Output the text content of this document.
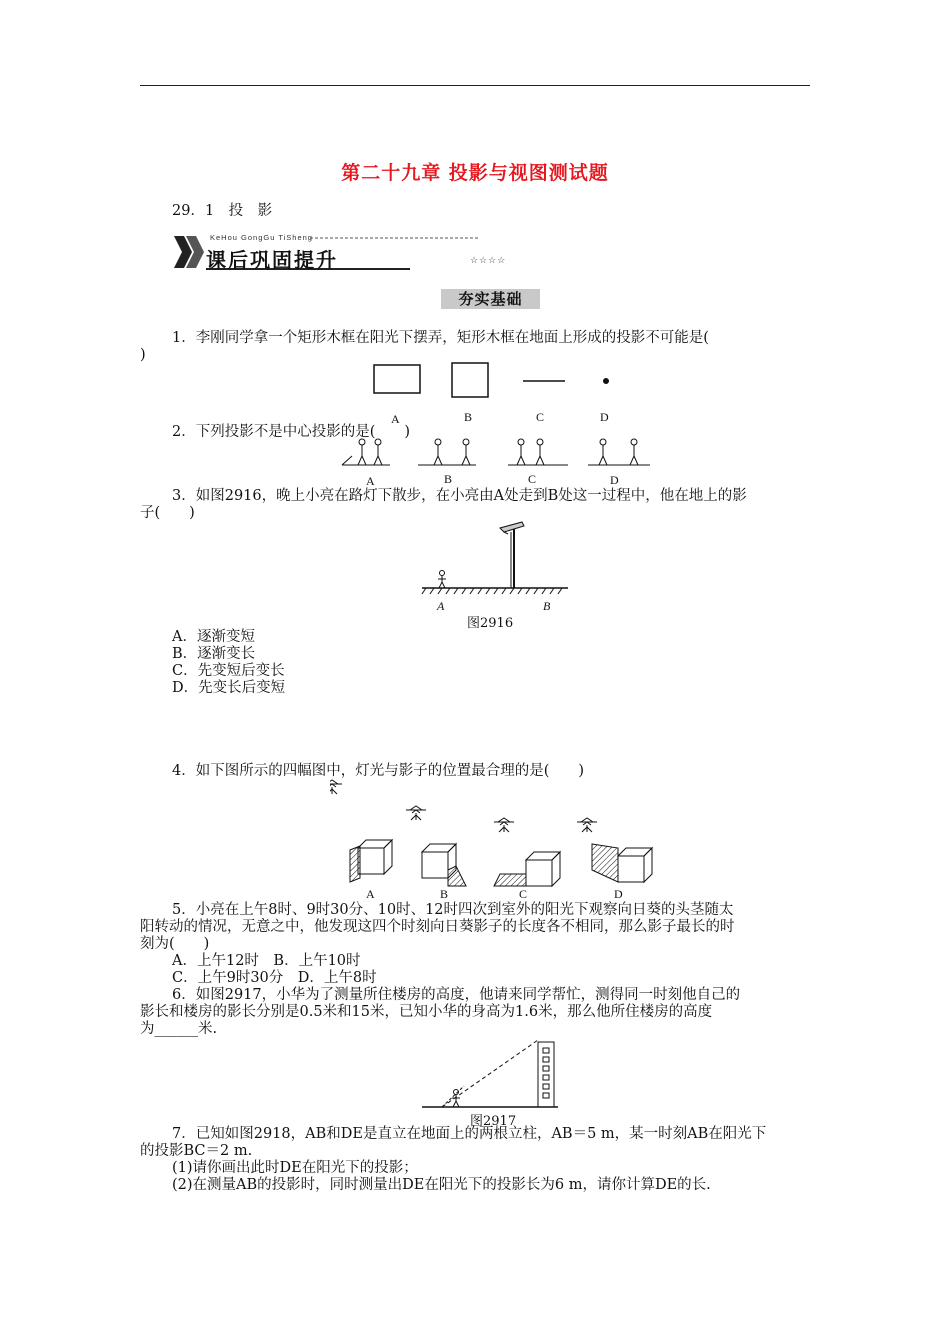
第二十九章 投影与视图测试题
29．1　投　影
KeHou GongGu TiSheng
课后巩固提升	☆☆☆☆
夯实基础
1．李刚同学拿一个矩形木框在阳光下摆弄，矩形木框在地面上形成的投影不可能是(
)
A	B	C	D
2．下列投影不是中心投影的是(　　)
A	B	C	D
3．如图2916，晚上小亮在路灯下散步，在小亮由A处走到B处这一过程中，他在地上的影
子(　　)
A	B
图2916
A．逐渐变短
B．逐渐变长
C．先变短后变长
D．先变长后变短
4．如下图所示的四幅图中，灯光与影子的位置最合理的是(　　)
A	B	C	D
5．小亮在上午8时、9时30分、10时、12时四次到室外的阳光下观察向日葵的头茎随太
阳转动的情况，无意之中，他发现这四个时刻向日葵影子的长度各不相同，那么影子最长的时
刻为(　　)
A．上午12时　B．上午10时
C．上午9时30分　D．上午8时
6．如图2917，小华为了测量所住楼房的高度，他请来同学帮忙，测得同一时刻他自己的
影长和楼房的影长分别是0.5米和15米，已知小华的身高为1.6米，那么他所住楼房的高度
为______米.
图2917
7．已知如图2918，AB和DE是直立在地面上的两根立柱，AB＝5 m，某一时刻AB在阳光下
的投影BC＝2 m.
(1)请你画出此时DE在阳光下的投影；
(2)在测量AB的投影时，同时测量出DE在阳光下的投影长为6 m，请你计算DE的长.
